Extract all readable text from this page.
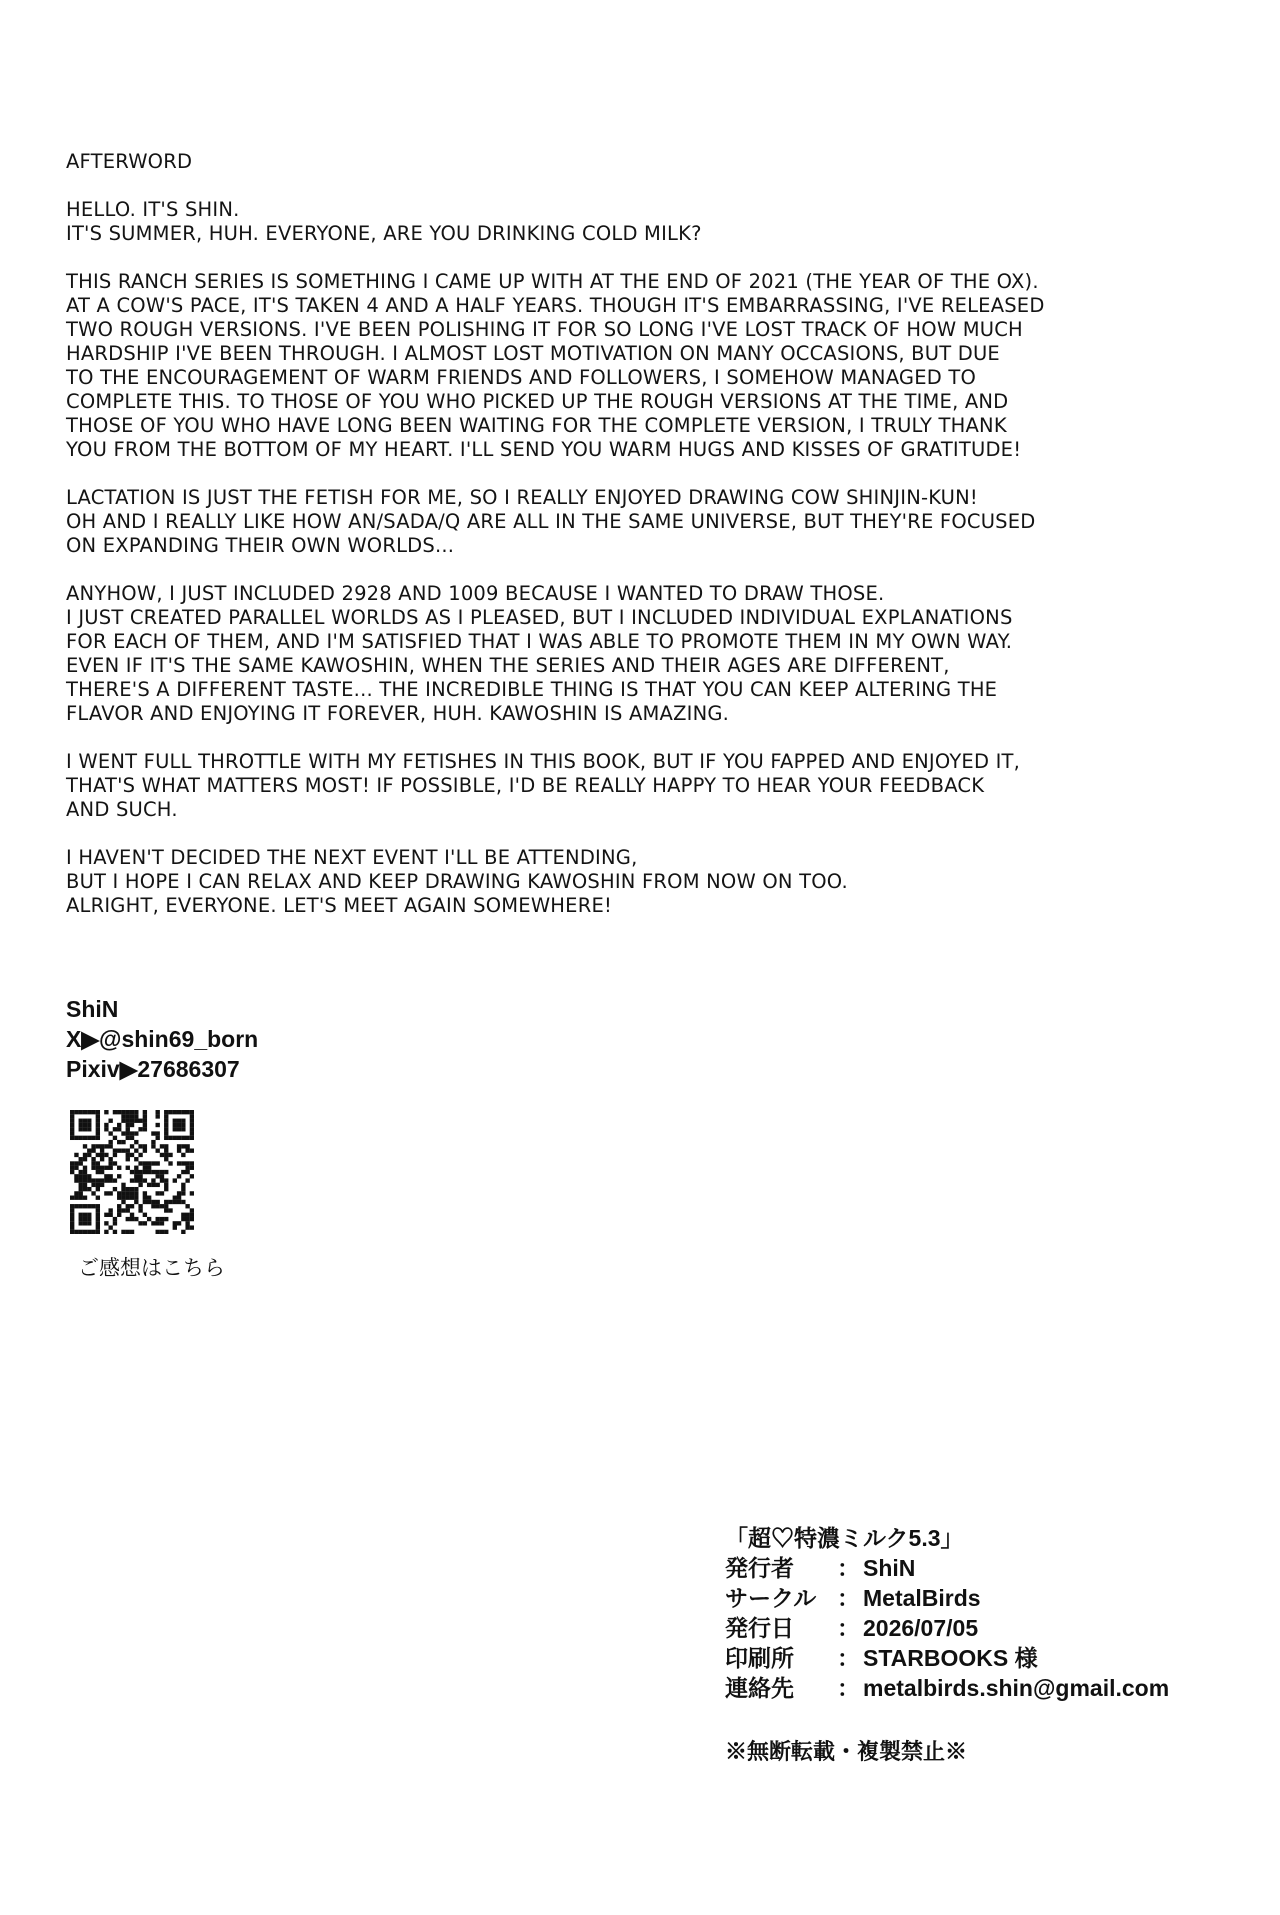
AFTERWORD

HELLO. IT'S SHIN.
IT'S SUMMER, HUH. EVERYONE, ARE YOU DRINKING COLD MILK?

THIS RANCH SERIES IS SOMETHING I CAME UP WITH AT THE END OF 2021 (THE YEAR OF THE OX).
AT A COW'S PACE, IT'S TAKEN 4 AND A HALF YEARS. THOUGH IT'S EMBARRASSING, I'VE RELEASED
TWO ROUGH VERSIONS. I'VE BEEN POLISHING IT FOR SO LONG I'VE LOST TRACK OF HOW MUCH
HARDSHIP I'VE BEEN THROUGH. I ALMOST LOST MOTIVATION ON MANY OCCASIONS, BUT DUE
TO THE ENCOURAGEMENT OF WARM FRIENDS AND FOLLOWERS, I SOMEHOW MANAGED TO
COMPLETE THIS. TO THOSE OF YOU WHO PICKED UP THE ROUGH VERSIONS AT THE TIME, AND
THOSE OF YOU WHO HAVE LONG BEEN WAITING FOR THE COMPLETE VERSION, I TRULY THANK
YOU FROM THE BOTTOM OF MY HEART. I'LL SEND YOU WARM HUGS AND KISSES OF GRATITUDE!

LACTATION IS JUST THE FETISH FOR ME, SO I REALLY ENJOYED DRAWING COW SHINJIN-KUN!
OH AND I REALLY LIKE HOW AN/SADA/Q ARE ALL IN THE SAME UNIVERSE, BUT THEY'RE FOCUSED
ON EXPANDING THEIR OWN WORLDS...

ANYHOW, I JUST INCLUDED 2928 AND 1009 BECAUSE I WANTED TO DRAW THOSE.
I JUST CREATED PARALLEL WORLDS AS I PLEASED, BUT I INCLUDED INDIVIDUAL EXPLANATIONS
FOR EACH OF THEM, AND I'M SATISFIED THAT I WAS ABLE TO PROMOTE THEM IN MY OWN WAY.
EVEN IF IT'S THE SAME KAWOSHIN, WHEN THE SERIES AND THEIR AGES ARE DIFFERENT,
THERE'S A DIFFERENT TASTE... THE INCREDIBLE THING IS THAT YOU CAN KEEP ALTERING THE
FLAVOR AND ENJOYING IT FOREVER, HUH. KAWOSHIN IS AMAZING.

I WENT FULL THROTTLE WITH MY FETISHES IN THIS BOOK, BUT IF YOU FAPPED AND ENJOYED IT,
THAT'S WHAT MATTERS MOST! IF POSSIBLE, I'D BE REALLY HAPPY TO HEAR YOUR FEEDBACK
AND SUCH.

I HAVEN'T DECIDED THE NEXT EVENT I'LL BE ATTENDING,
BUT I HOPE I CAN RELAX AND KEEP DRAWING KAWOSHIN FROM NOW ON TOO.
ALRIGHT, EVERYONE. LET'S MEET AGAIN SOMEWHERE!

ShiN
X▶@shin69_born
Pixiv▶27686307
ご感想はこちら
「超♡特濃ミルク5.3」
発行者	： ShiN
サークル ： MetalBirds
発行日	： 2026/07/05
印刷所	： STARBOOKS 様
連絡先	： metalbirds.shin@gmail.com
※無断転載・複製禁止※
